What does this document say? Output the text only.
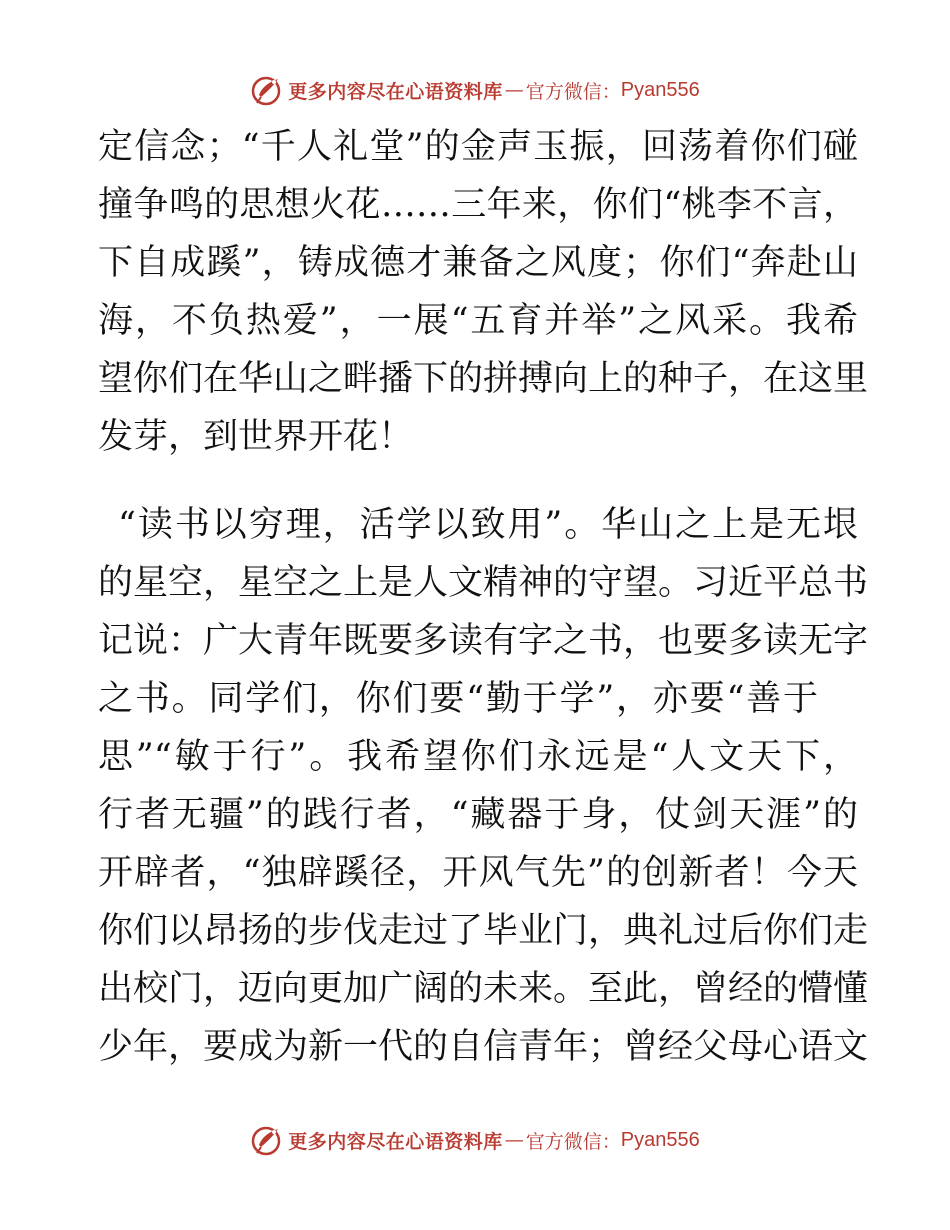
更多内容尽在心语资料库 — 官方微信： Pyan556
定信念；“千人礼堂”的金声玉振，回荡着你们碰
撞争鸣的思想火花……三年来，你们“桃李不言，
下自成蹊”，铸成德才兼备之风度；你们“奔赴山
海，不负热爱”，一展“五育并举”之风采。我希
望你们在华山之畔播下的拼搏向上的种子，在这里
发芽，到世界开花！
“读书以穷理，活学以致用”。华山之上是无垠
的星空，星空之上是人文精神的守望。习近平总书
记说：广大青年既要多读有字之书，也要多读无字
之书。同学们，你们要“勤于学”，亦要“善于
思”“敏于行”。我希望你们永远是“人文天下，
行者无疆”的践行者，“藏器于身，仗剑天涯”的
开辟者，“独辟蹊径，开风气先”的创新者！今天
你们以昂扬的步伐走过了毕业门，典礼过后你们走
出校门，迈向更加广阔的未来。至此，曾经的懵懂
少年，要成为新一代的自信青年；曾经父母心语文
更多内容尽在心语资料库 — 官方微信： Pyan556
